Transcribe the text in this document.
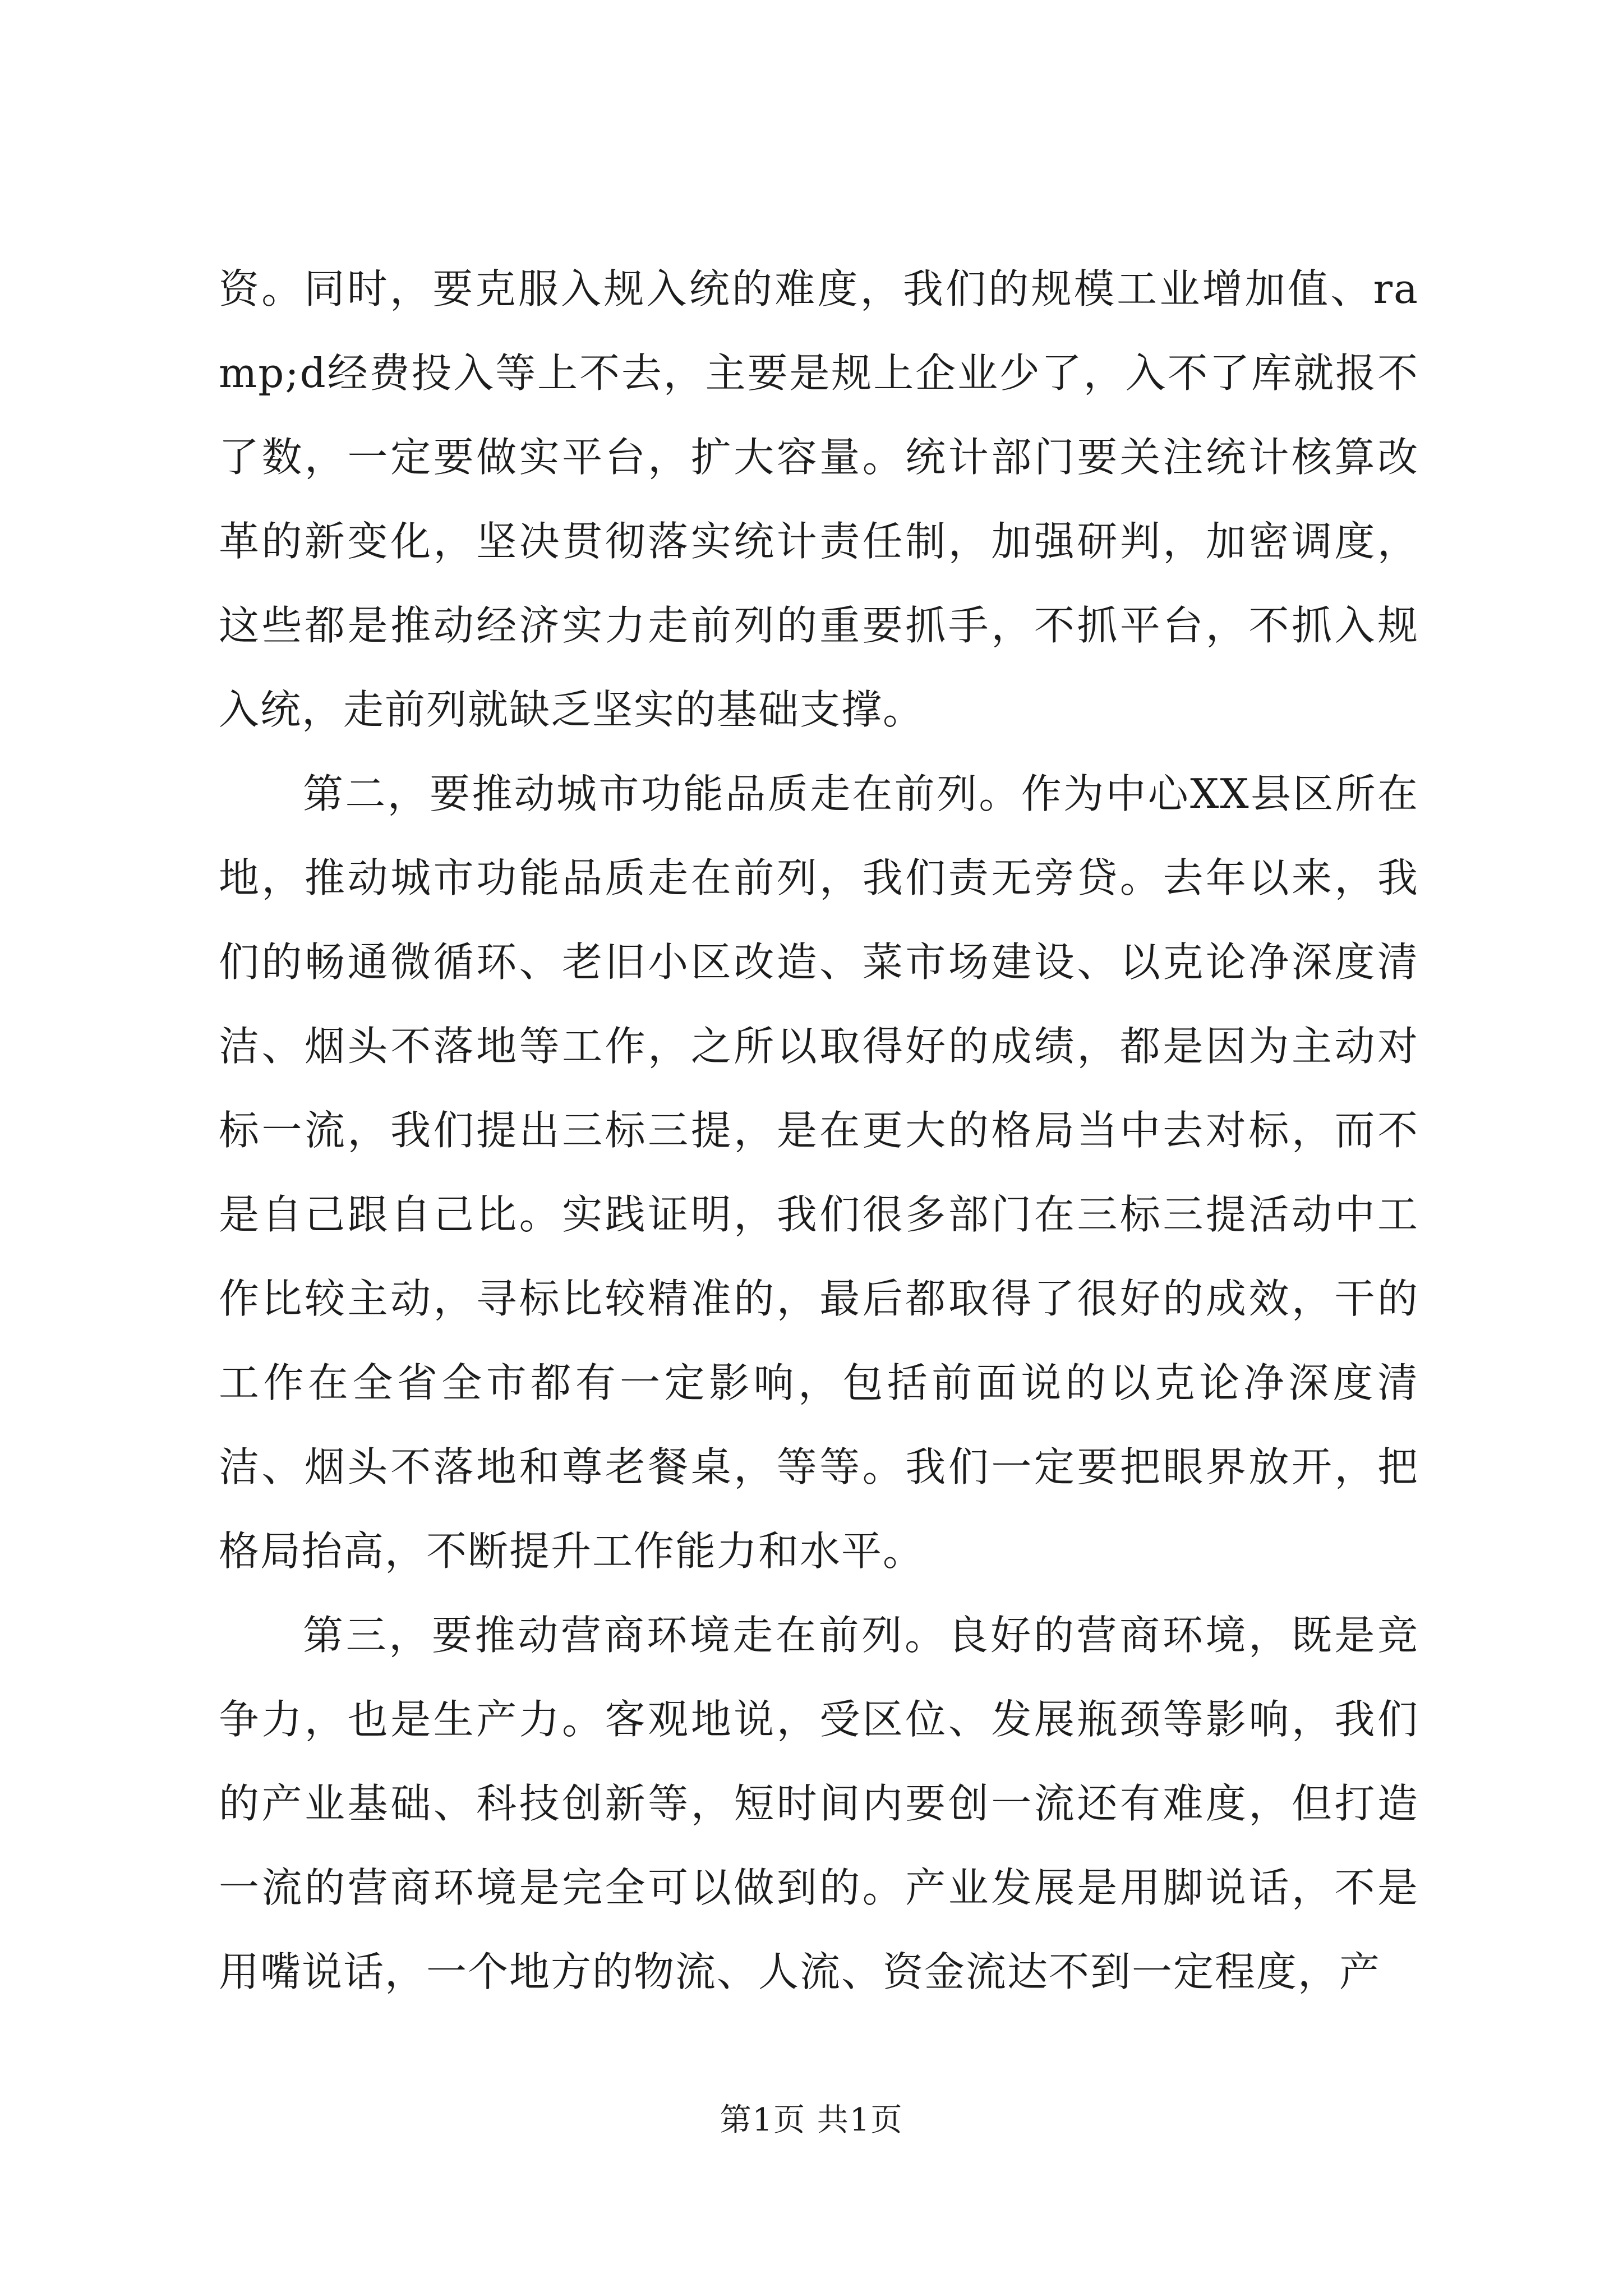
资。同时，要克服入规入统的难度，我们的规模工业增加值、ramp;d经费投入等上不去，主要是规上企业少了，入不了库就报不了数，一定要做实平台，扩大容量。统计部门要关注统计核算改革的新变化，坚决贯彻落实统计责任制，加强研判，加密调度，这些都是推动经济实力走前列的重要抓手，不抓平台，不抓入规入统，走前列就缺乏坚实的基础支撑。

第二，要推动城市功能品质走在前列。作为中心XX县区所在地，推动城市功能品质走在前列，我们责无旁贷。去年以来，我们的畅通微循环、老旧小区改造、菜市场建设、以克论净深度清洁、烟头不落地等工作，之所以取得好的成绩，都是因为主动对标一流，我们提出三标三提，是在更大的格局当中去对标，而不是自己跟自己比。实践证明，我们很多部门在三标三提活动中工作比较主动，寻标比较精准的，最后都取得了很好的成效，干的工作在全省全市都有一定影响，包括前面说的以克论净深度清洁、烟头不落地和尊老餐桌，等等。我们一定要把眼界放开，把格局抬高，不断提升工作能力和水平。

第三，要推动营商环境走在前列。良好的营商环境，既是竞争力，也是生产力。客观地说，受区位、发展瓶颈等影响，我们的产业基础、科技创新等，短时间内要创一流还有难度，但打造一流的营商环境是完全可以做到的。产业发展是用脚说话，不是用嘴说话，一个地方的物流、人流、资金流达不到一定程度，产

第1页 共1页
